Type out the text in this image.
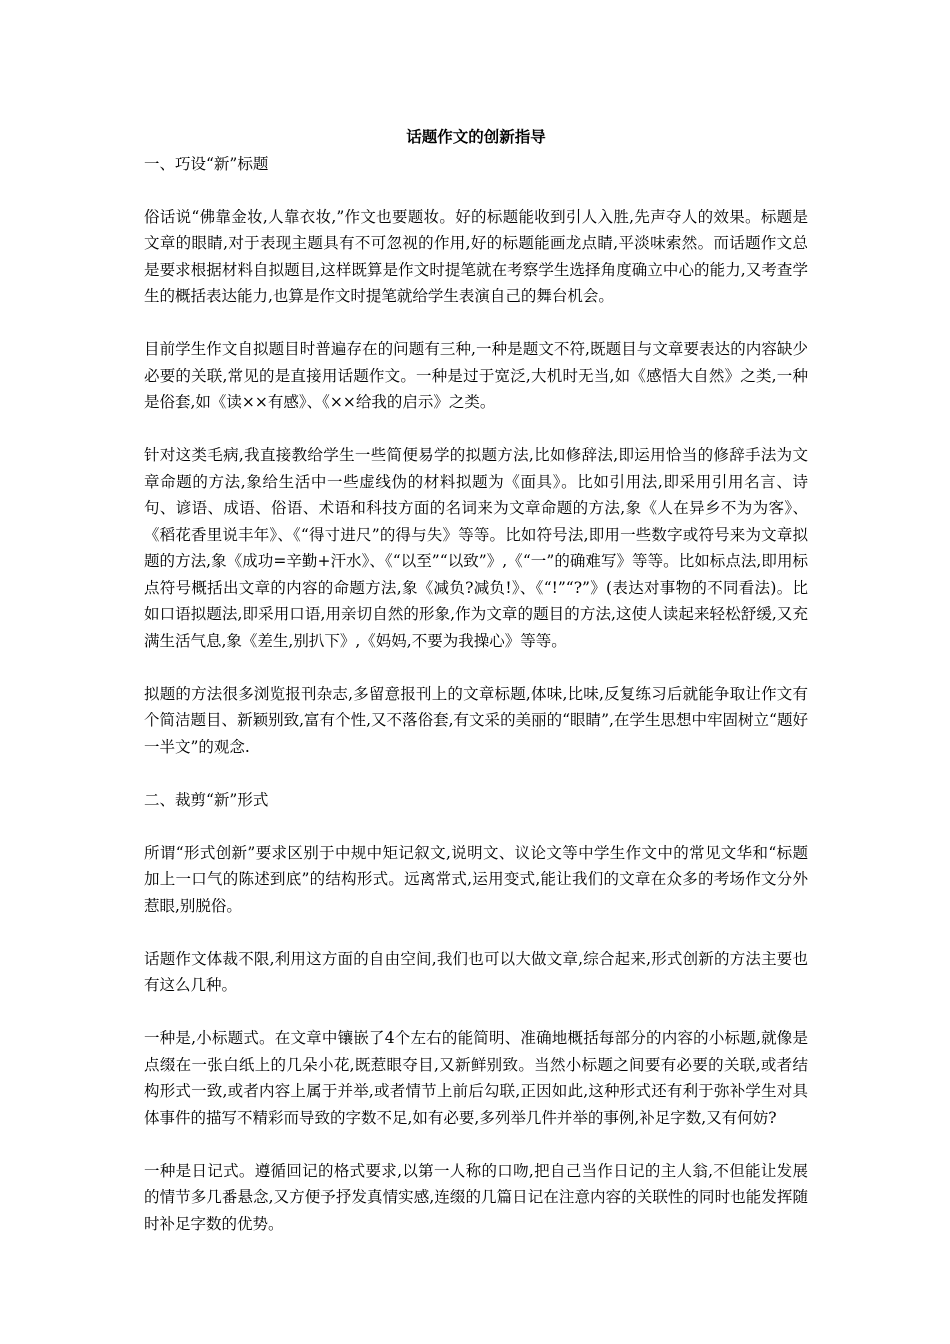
话题作文的创新指导

一、巧设“新”标题

俗话说“佛靠金妆,人靠衣妆,”作文也要题妆。好的标题能收到引人入胜,先声夺人的效果。标题是文章的眼睛,对于表现主题具有不可忽视的作用,好的标题能画龙点睛,平淡味索然。而话题作文总是要求根据材料自拟题目,这样既算是作文时提笔就在考察学生选择角度确立中心的能力,又考查学生的概括表达能力,也算是作文时提笔就给学生表演自己的舞台机会。

目前学生作文自拟题目时普遍存在的问题有三种,一种是题文不符,既题目与文章要表达的内容缺少必要的关联,常见的是直接用话题作文。一种是过于宽泛,大机时无当,如《感悟大自然》之类,一种是俗套,如《读××有感》、《××给我的启示》之类。

针对这类毛病,我直接教给学生一些简便易学的拟题方法,比如修辞法,即运用恰当的修辞手法为文章命题的方法,象给生活中一些虚线伪的材料拟题为《面具》。比如引用法,即采用引用名言、诗句、谚语、成语、俗语、术语和科技方面的名词来为文章命题的方法,象《人在异乡不为为客》、《稻花香里说丰年》、《“得寸进尺”的得与失》等等。比如符号法,即用一些数字或符号来为文章拟题的方法,象《成功=辛勤+汗水》、《“以至”“以致”》,《“一”的确难写》等等。比如标点法,即用标点符号概括出文章的内容的命题方法,象《减负?减负!》、《“!”“?”》(表达对事物的不同看法)。比如口语拟题法,即采用口语,用亲切自然的形象,作为文章的题目的方法,这使人读起来轻松舒缓,又充满生活气息,象《差生,别扒下》,《妈妈,不要为我操心》等等。

拟题的方法很多浏览报刊杂志,多留意报刊上的文章标题,体味,比味,反复练习后就能争取让作文有个简洁题目、新颖别致,富有个性,又不落俗套,有文采的美丽的“眼睛”,在学生思想中牢固树立“题好一半文”的观念.

二、裁剪“新”形式

所谓“形式创新”要求区别于中规中矩记叙文,说明文、议论文等中学生作文中的常见文华和“标题加上一口气的陈述到底”的结构形式。远离常式,运用变式,能让我们的文章在众多的考场作文分外惹眼,别脱俗。

话题作文体裁不限,利用这方面的自由空间,我们也可以大做文章,综合起来,形式创新的方法主要也有这么几种。

一种是,小标题式。在文章中镶嵌了4个左右的能简明、准确地概括每部分的内容的小标题,就像是点缀在一张白纸上的几朵小花,既惹眼夺目,又新鲜别致。当然小标题之间要有必要的关联,或者结构形式一致,或者内容上属于并举,或者情节上前后勾联,正因如此,这种形式还有利于弥补学生对具体事件的描写不精彩而导致的字数不足,如有必要,多列举几件并举的事例,补足字数,又有何妨?

一种是日记式。遵循回记的格式要求,以第一人称的口吻,把自己当作日记的主人翁,不但能让发展的情节多几番悬念,又方便予抒发真情实感,连缀的几篇日记在注意内容的关联性的同时也能发挥随时补足字数的优势。
